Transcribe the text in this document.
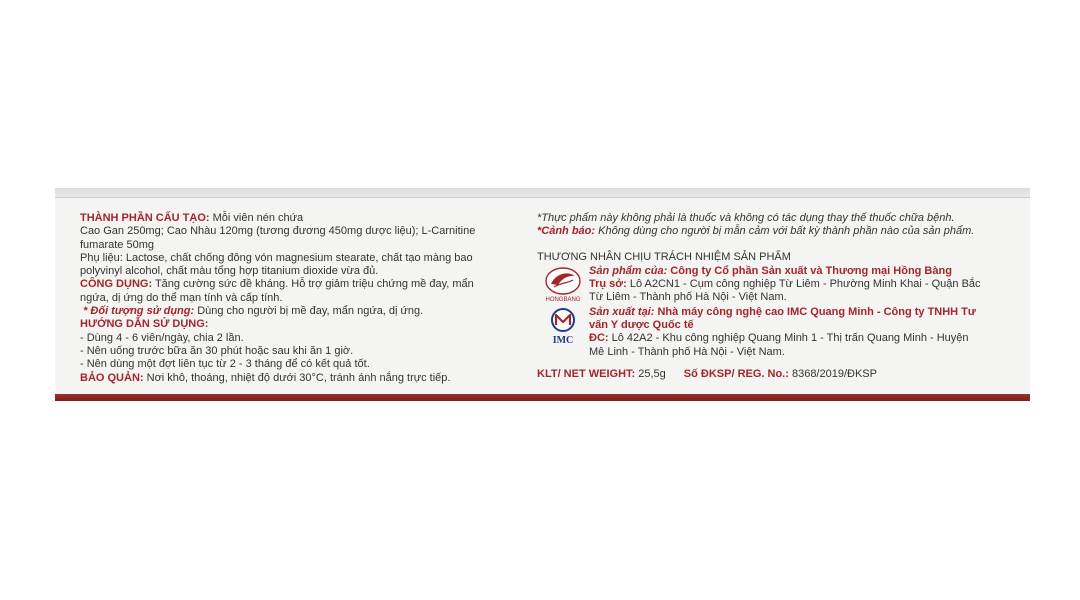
THÀNH PHẦN CẤU TẠO: Mỗi viên nén chứa
Cao Gan 250mg; Cao Nhàu 120mg (tương đương 450mg dược liệu); L-Carnitine
fumarate 50mg
Phụ liệu: Lactose, chất chống đông vón magnesium stearate, chất tạo màng bao
polyvinyl alcohol, chất màu tổng hợp titanium dioxide vừa đủ.
CÔNG DỤNG: Tăng cường sức đề kháng. Hỗ trợ giảm triệu chứng mề đay, mẩn
ngứa, dị ứng do thể mạn tính và cấp tính.
* Đối tượng sử dụng: Dùng cho người bị mề đay, mẩn ngứa, dị ứng.
HƯỚNG DẪN SỬ DỤNG:
- Dùng 4 - 6 viên/ngày, chia 2 lần.
- Nên uống trước bữa ăn 30 phút hoặc sau khi ăn 1 giờ.
- Nên dùng một đợt liên tục từ 2 - 3 tháng để có kết quả tốt.
BẢO QUẢN: Nơi khô, thoáng, nhiệt độ dưới 30°C, tránh ánh nắng trực tiếp.
*Thực phẩm này không phải là thuốc và không có tác dụng thay thế thuốc chữa bệnh.
*Cảnh báo: Không dùng cho người bị mẫn cảm với bất kỳ thành phần nào của sản phẩm.
THƯƠNG NHÂN CHỊU TRÁCH NHIỆM SẢN PHẨM
HONGBANG
Sản phẩm của: Công ty Cổ phần Sản xuất và Thương mại Hồng Bàng
Trụ sở: Lô A2CN1 - Cụm công nghiệp Từ Liêm - Phường Minh Khai - Quận Bắc
Từ Liêm - Thành phố Hà Nội - Việt Nam.
IMC
Sản xuất tại: Nhà máy công nghệ cao IMC Quang Minh - Công ty TNHH Tư
vấn Y dược Quốc tế
ĐC: Lô 42A2 - Khu công nghiệp Quang Minh 1 - Thị trấn Quang Minh - Huyện
Mê Linh - Thành phố Hà Nội - Việt Nam.
KLT/ NET WEIGHT: 25,5g Số ĐKSP/ REG. No.: 8368/2019/ĐKSP
